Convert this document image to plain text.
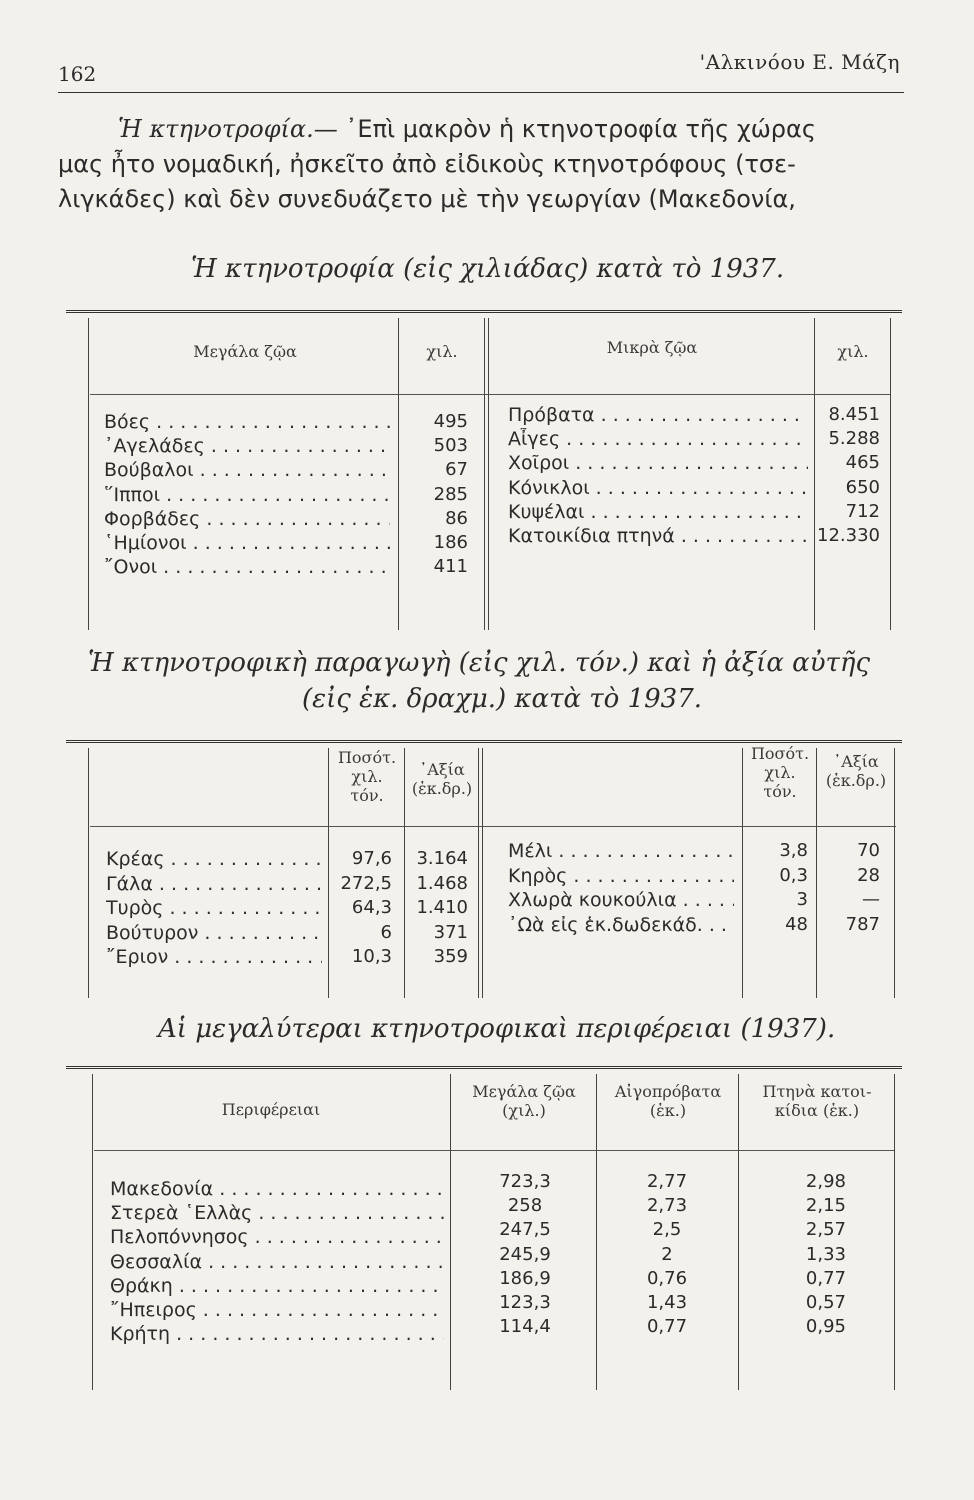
162	'Αλκινόου Ε. Μάζη
Ἡ κτηνοτροφία.— ᾿Επὶ μακρὸν ἡ κτηνοτροφία τῆς χώρας
μας ἦτο νομαδική, ἠσκεῖτο ἀπὸ εἰδικοὺς κτηνοτρόφους (τσε-
λιγκάδες) καὶ δὲν συνεδυάζετο μὲ τὴν γεωργίαν (Μακεδονία,
Ἡ κτηνοτροφία (εἰς χιλιάδας) κατὰ τὸ 1937.
Μεγάλα ζῷα	χιλ.	Μικρὰ ζῷα	χιλ.
Βόες . . .	495
᾿Αγελάδες . . .	503
Βούβαλοι . . .	67
῞Ιπποι . . .	285
Φορβάδες . . .	86
῾Ημίονοι . . .	186
῎Ονοι . . .	411
Πρόβατα . . .	8.451
Αἶγες . . .	5.288
Χοῖροι . . .	465
Κόνικλοι . . .	650
Κυψέλαι . . .	712
Κατοικίδια πτηνά . . .	12.330
Ἡ κτηνοτροφικὴ παραγωγὴ (εἰς χιλ. τόν.) καὶ ἡ ἀξία αὐτῆς
(εἰς ἑκ. δραχμ.) κατὰ τὸ 1937.
Ποσότ.
χιλ.
τόν.
᾿Αξία
(ἑκ.δρ.)
Ποσότ.
χιλ.
τόν.
᾿Αξία
(ἑκ.δρ.)
Κρέας . . .	97,6	3.164
Γάλα . . .	272,5	1.468
Τυρὸς . . .	64,3	1.410
Βούτυρον . . .	6	371
῎Εριον . . .	10,3	359
Μέλι . . .	3,8	70
Κηρὸς . . .	0,3	28
Χλωρὰ κουκούλια . . .	3	—
᾿Ωὰ εἰς ἑκ.δωδεκάδ. . . .	48	787
Αἱ μεγαλύτεραι κτηνοτροφικαὶ περιφέρειαι (1937).
Περιφέρειαι
Μεγάλα ζῷα
(χιλ.)
Αἰγοπρόβατα
(ἑκ.)
Πτηνὰ κατοι-
κίδια (ἑκ.)
Μακεδονία . . .	723,3	2,77	2,98
Στερεὰ ῾Ελλὰς . . .	258	2,73	2,15
Πελοπόννησος . . .	247,5	2,5	2,57
Θεσσαλία . . .	245,9	2	1,33
Θράκη . . .	186,9	0,76	0,77
῎Ηπειρος . . .	123,3	1,43	0,57
Κρήτη . . .	114,4	0,77	0,95
